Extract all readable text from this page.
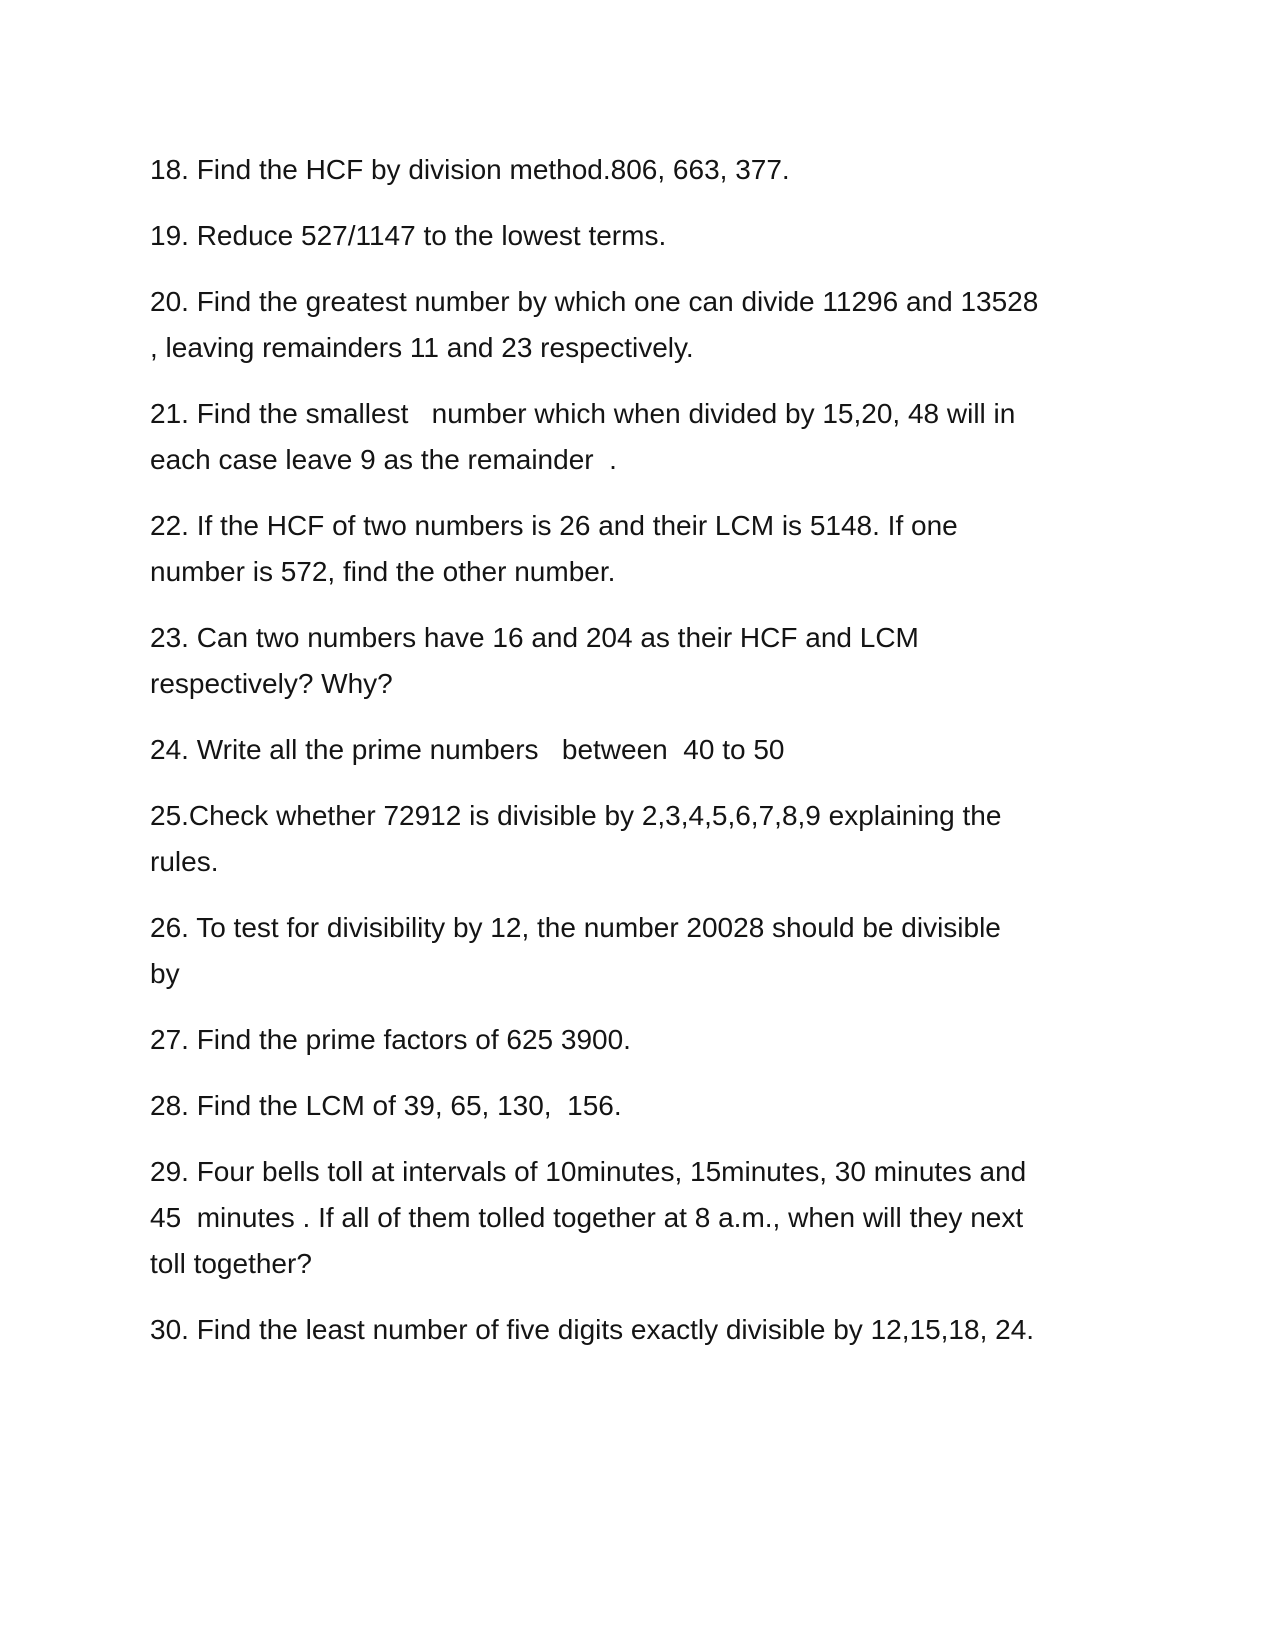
18. Find the HCF by division method.806, 663, 377.
19. Reduce 527/1147 to the lowest terms.
20. Find the greatest number by which one can divide 11296 and 13528
, leaving remainders 11 and 23 respectively.
21. Find the smallest   number which when divided by 15,20, 48 will in
each case leave 9 as the remainder  .
22. If the HCF of two numbers is 26 and their LCM is 5148. If one
number is 572, find the other number.
23. Can two numbers have 16 and 204 as their HCF and LCM
respectively? Why?
24. Write all the prime numbers   between  40 to 50
25.Check whether 72912 is divisible by 2,3,4,5,6,7,8,9 explaining the
rules.
26. To test for divisibility by 12, the number 20028 should be divisible
by
27. Find the prime factors of 625 3900.
28. Find the LCM of 39, 65, 130,  156.
29. Four bells toll at intervals of 10minutes, 15minutes, 30 minutes and
45  minutes . If all of them tolled together at 8 a.m., when will they next
toll together?
30. Find the least number of five digits exactly divisible by 12,15,18, 24.
